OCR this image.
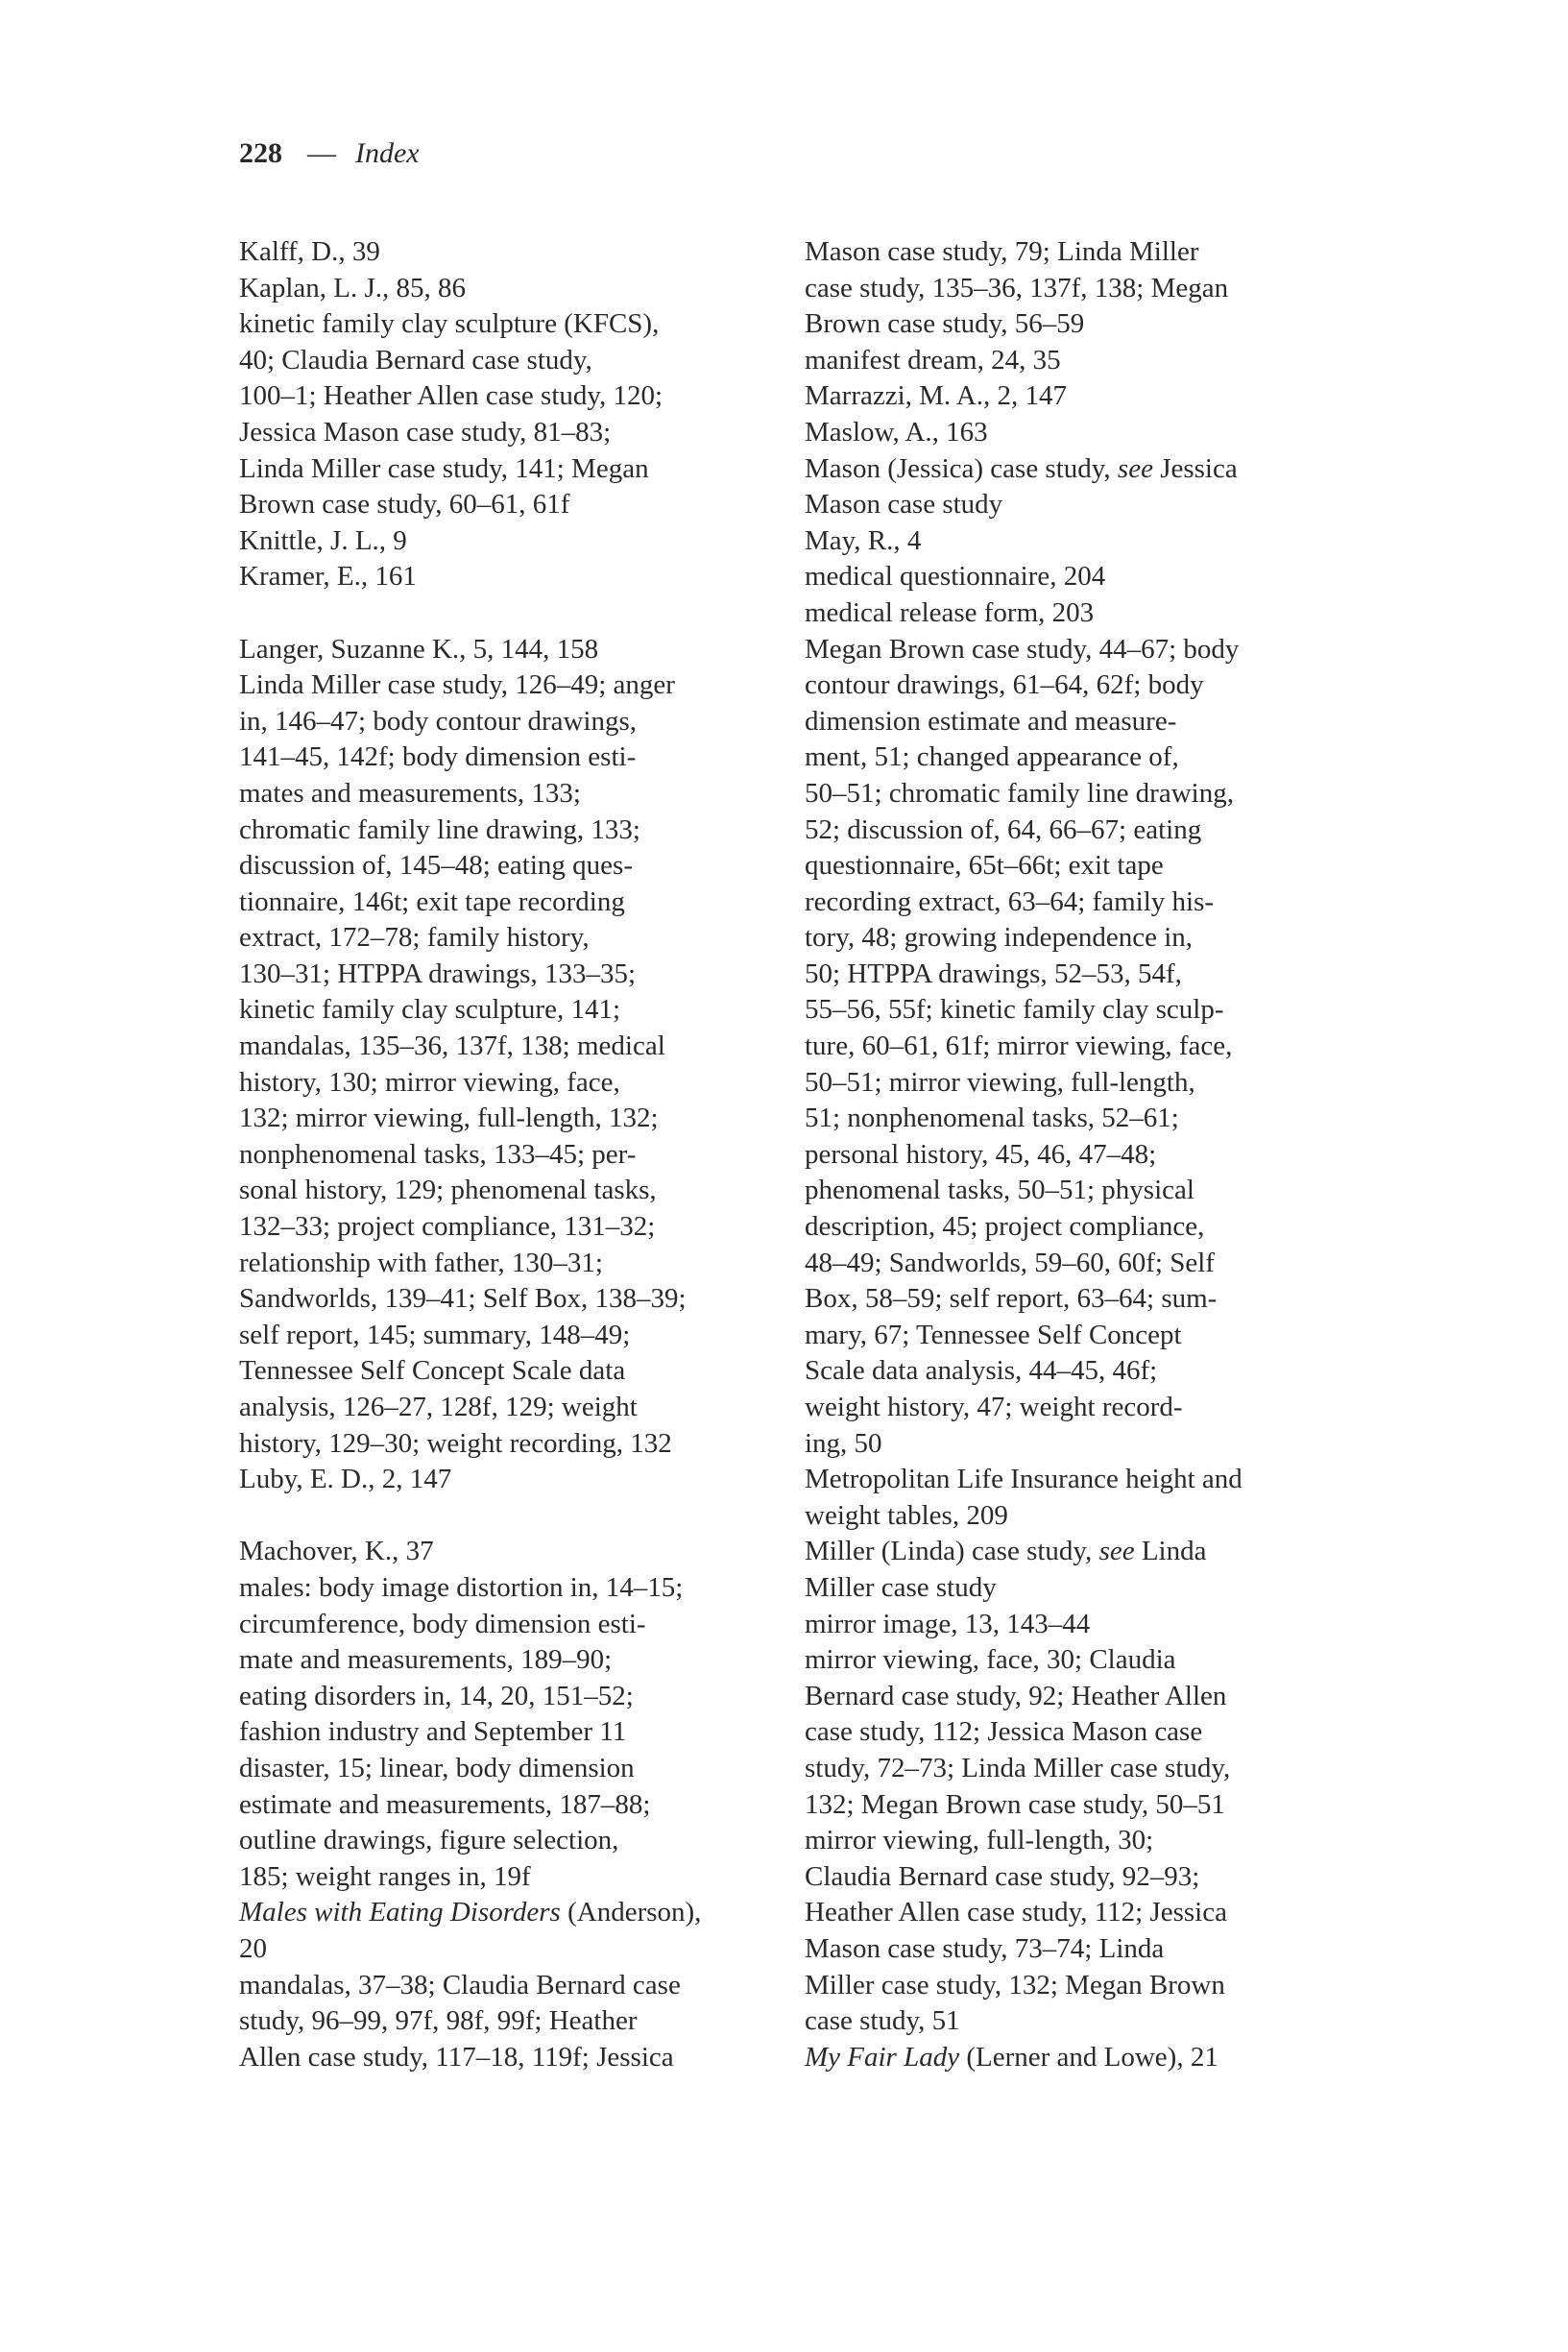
228 — Index
Kalff, D., 39
Kaplan, L. J., 85, 86
kinetic family clay sculpture (KFCS),
40; Claudia Bernard case study,
100–1; Heather Allen case study, 120;
Jessica Mason case study, 81–83;
Linda Miller case study, 141; Megan
Brown case study, 60–61, 61f
Knittle, J. L., 9
Kramer, E., 161
Langer, Suzanne K., 5, 144, 158
Linda Miller case study, 126–49; anger
in, 146–47; body contour drawings,
141–45, 142f; body dimension esti-
mates and measurements, 133;
chromatic family line drawing, 133;
discussion of, 145–48; eating ques-
tionnaire, 146t; exit tape recording
extract, 172–78; family history,
130–31; HTPPA drawings, 133–35;
kinetic family clay sculpture, 141;
mandalas, 135–36, 137f, 138; medical
history, 130; mirror viewing, face,
132; mirror viewing, full-length, 132;
nonphenomenal tasks, 133–45; per-
sonal history, 129; phenomenal tasks,
132–33; project compliance, 131–32;
relationship with father, 130–31;
Sandworlds, 139–41; Self Box, 138–39;
self report, 145; summary, 148–49;
Tennessee Self Concept Scale data
analysis, 126–27, 128f, 129; weight
history, 129–30; weight recording, 132
Luby, E. D., 2, 147
Machover, K., 37
males: body image distortion in, 14–15;
circumference, body dimension esti-
mate and measurements, 189–90;
eating disorders in, 14, 20, 151–52;
fashion industry and September 11
disaster, 15; linear, body dimension
estimate and measurements, 187–88;
outline drawings, figure selection,
185; weight ranges in, 19f
Males with Eating Disorders (Anderson),
20
mandalas, 37–38; Claudia Bernard case
study, 96–99, 97f, 98f, 99f; Heather
Allen case study, 117–18, 119f; Jessica
Mason case study, 79; Linda Miller
case study, 135–36, 137f, 138; Megan
Brown case study, 56–59
manifest dream, 24, 35
Marrazzi, M. A., 2, 147
Maslow, A., 163
Mason (Jessica) case study, see Jessica
Mason case study
May, R., 4
medical questionnaire, 204
medical release form, 203
Megan Brown case study, 44–67; body
contour drawings, 61–64, 62f; body
dimension estimate and measure-
ment, 51; changed appearance of,
50–51; chromatic family line drawing,
52; discussion of, 64, 66–67; eating
questionnaire, 65t–66t; exit tape
recording extract, 63–64; family his-
tory, 48; growing independence in,
50; HTPPA drawings, 52–53, 54f,
55–56, 55f; kinetic family clay sculp-
ture, 60–61, 61f; mirror viewing, face,
50–51; mirror viewing, full-length,
51; nonphenomenal tasks, 52–61;
personal history, 45, 46, 47–48;
phenomenal tasks, 50–51; physical
description, 45; project compliance,
48–49; Sandworlds, 59–60, 60f; Self
Box, 58–59; self report, 63–64; sum-
mary, 67; Tennessee Self Concept
Scale data analysis, 44–45, 46f;
weight history, 47; weight record-
ing, 50
Metropolitan Life Insurance height and
weight tables, 209
Miller (Linda) case study, see Linda
Miller case study
mirror image, 13, 143–44
mirror viewing, face, 30; Claudia
Bernard case study, 92; Heather Allen
case study, 112; Jessica Mason case
study, 72–73; Linda Miller case study,
132; Megan Brown case study, 50–51
mirror viewing, full-length, 30;
Claudia Bernard case study, 92–93;
Heather Allen case study, 112; Jessica
Mason case study, 73–74; Linda
Miller case study, 132; Megan Brown
case study, 51
My Fair Lady (Lerner and Lowe), 21
